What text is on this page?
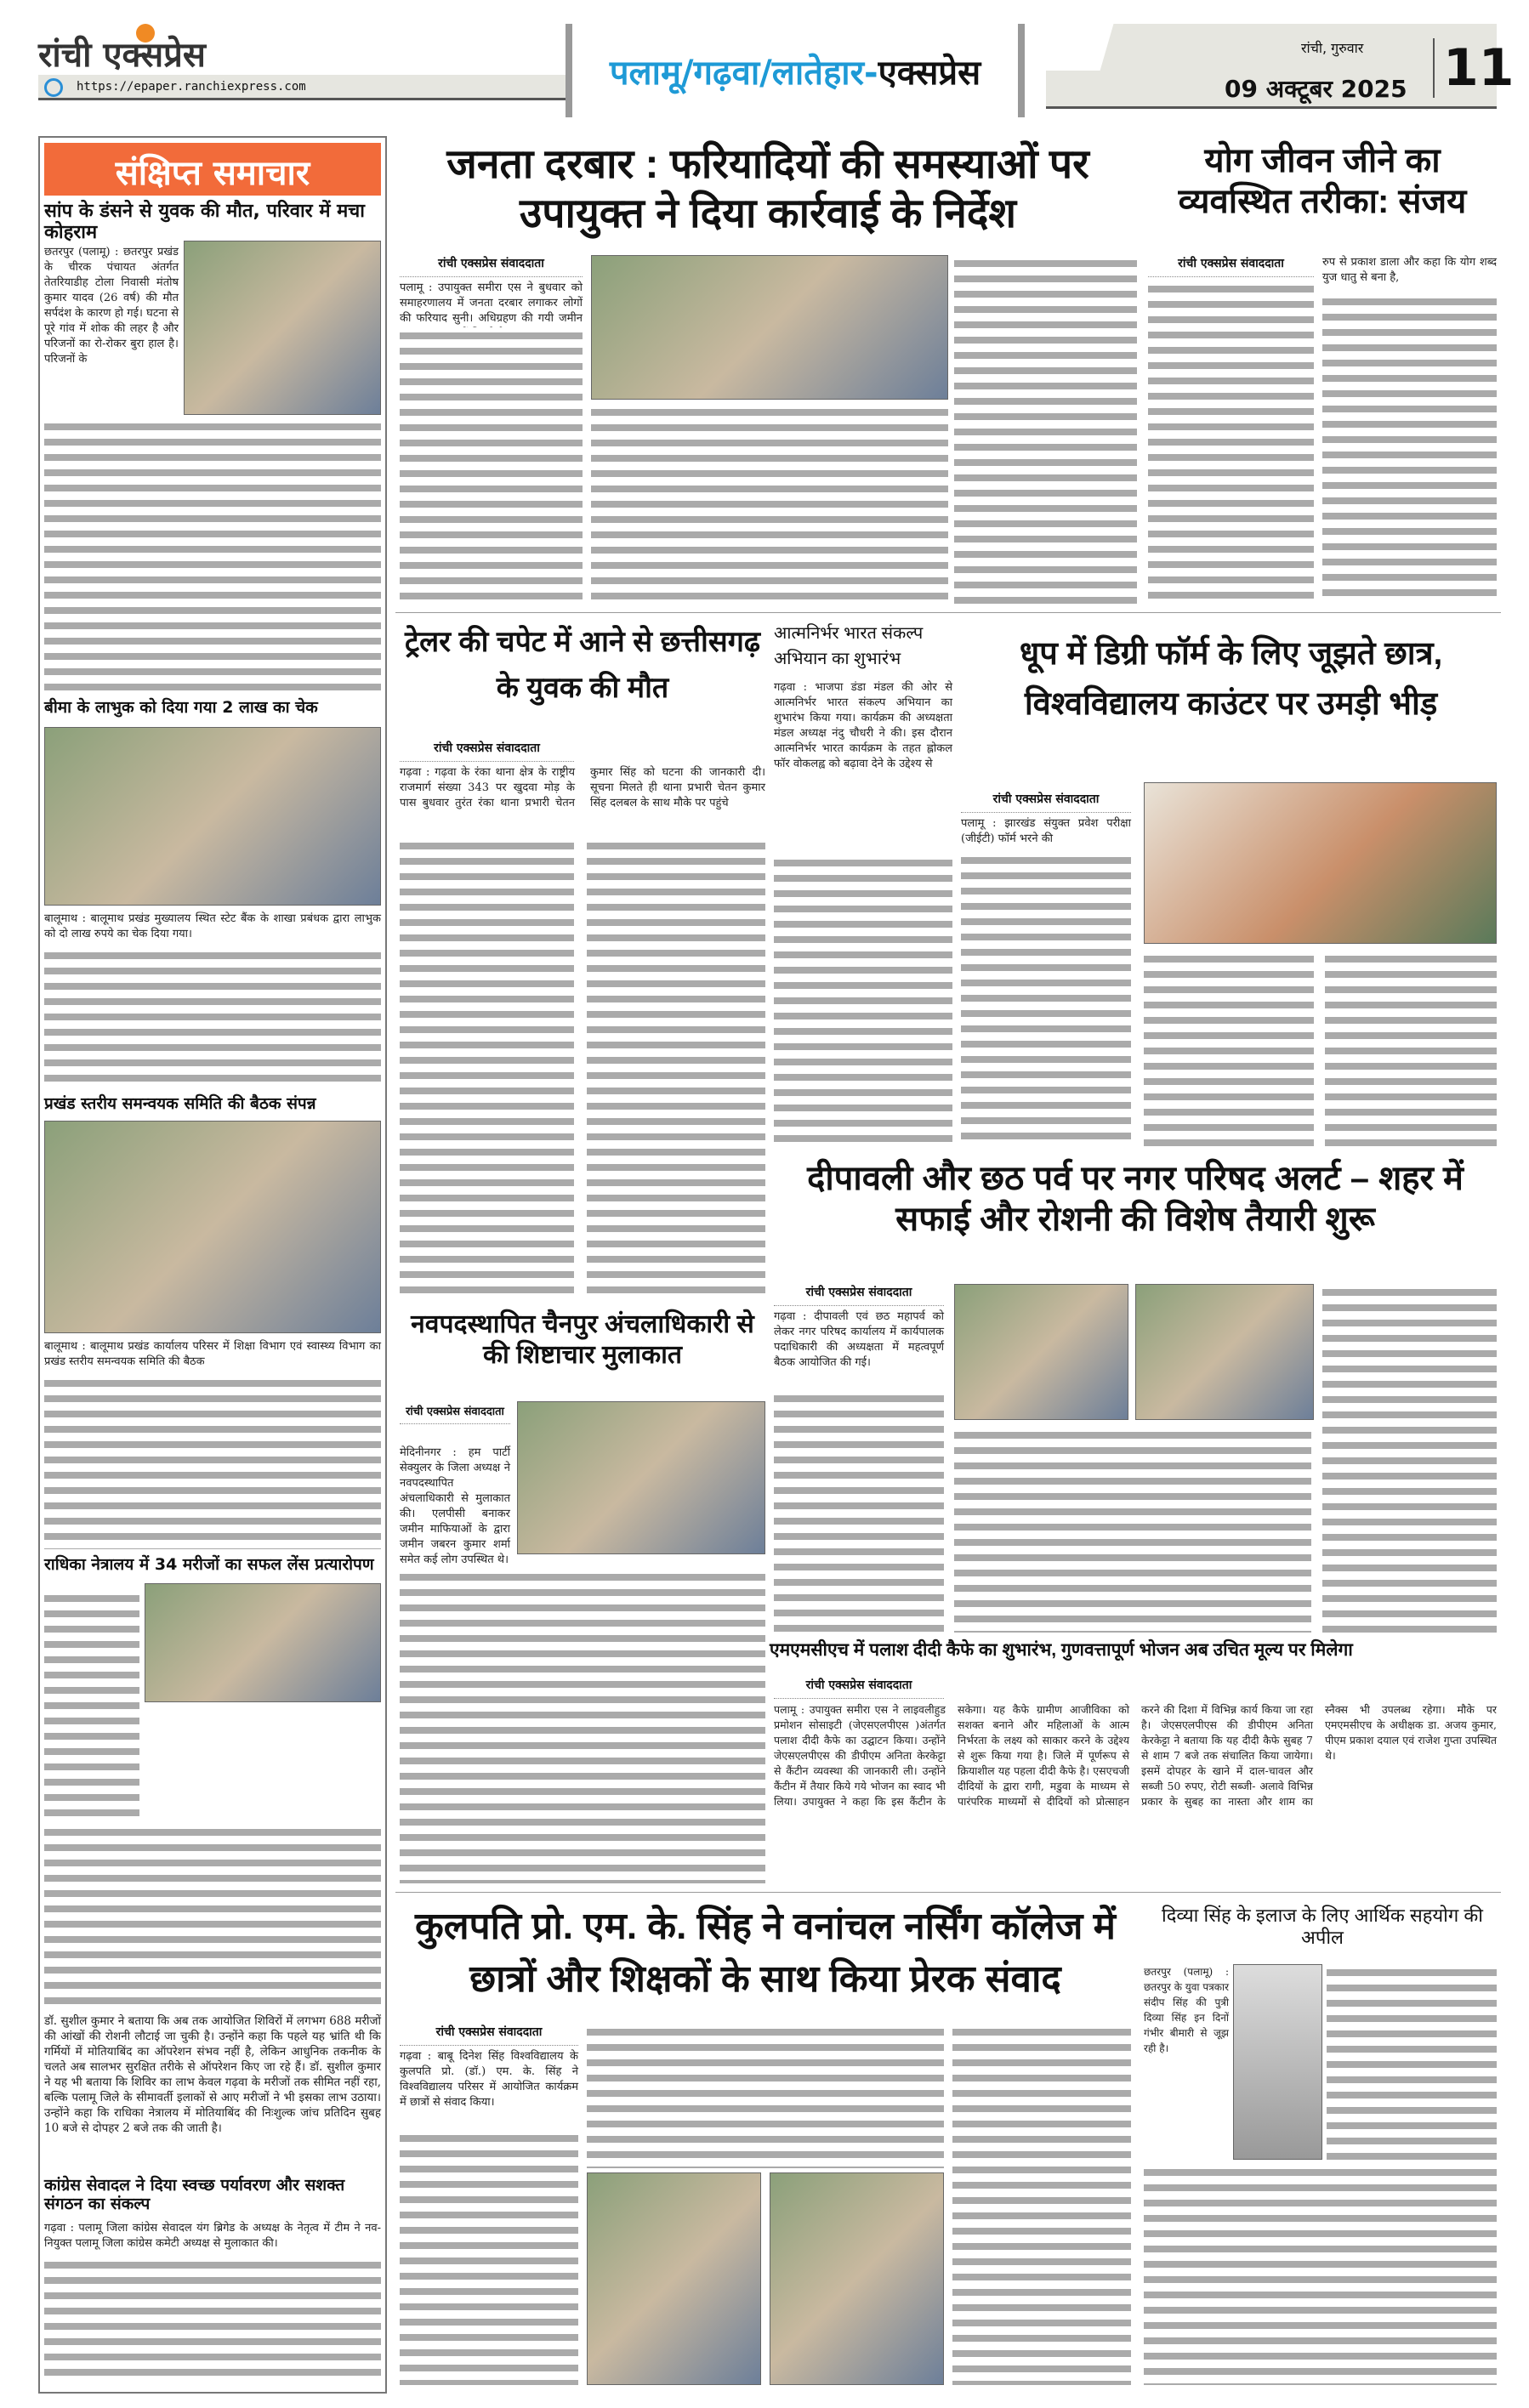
रांची एक्सप्रेस
https://epaper.ranchiexpress.com	पलामू/गढ़वा/लातेहार- एक्सप्रेस
रांची, गुरुवार
09 अक्टूबर 2025 11
संक्षिप्त समाचार
सांप के डंसने से युवक की मौत, परिवार में मचा कोहराम
छतरपुर (पलामू) : छतरपुर प्रखंड के चीरक पंचायत अंतर्गत तेतरियाडीह टोला निवासी मंतोष कुमार यादव (26 वर्ष) की मौत सर्पदंश के कारण हो गई। घटना से पूरे गांव में शोक की लहर है और परिजनों का रो-रोकर बुरा हाल है। परिजनों के
बीमा के लाभुक को दिया गया 2 लाख का चेक
बालूमाथ : बालूमाथ प्रखंड मुख्यालय स्थित स्टेट बैंक के शाखा प्रबंधक द्वारा लाभुक को दो लाख रुपये का चेक दिया गया।
प्रखंड स्तरीय समन्वयक समिति की बैठक संपन्न
बालूमाथ : बालूमाथ प्रखंड कार्यालय परिसर में शिक्षा विभाग एवं स्वास्थ्य विभाग का प्रखंड स्तरीय समन्वयक समिति की बैठक
राधिका नेत्रालय में 34 मरीजों का सफल लेंस प्रत्यारोपण
डॉ. सुशील कुमार ने बताया कि अब तक आयोजित शिविरों में लगभग 688 मरीजों की आंखों की रोशनी लौटाई जा चुकी है। उन्होंने कहा कि पहले यह भ्रांति थी कि गर्मियों में मोतियाबिंद का ऑपरेशन संभव नहीं है, लेकिन आधुनिक तकनीक के चलते अब सालभर सुरक्षित तरीके से ऑपरेशन किए जा रहे हैं। डॉ. सुशील कुमार ने यह भी बताया कि शिविर का लाभ केवल गढ़वा के मरीजों तक सीमित नहीं रहा, बल्कि पलामू जिले के सीमावर्ती इलाकों से आए मरीजों ने भी इसका लाभ उठाया। उन्होंने कहा कि राधिका नेत्रालय में मोतियाबिंद की निःशुल्क जांच प्रतिदिन सुबह 10 बजे से दोपहर 2 बजे तक की जाती है।
कांग्रेस सेवादल ने दिया स्वच्छ पर्यावरण और सशक्त संगठन का संकल्प
गढ़वा : पलामू जिला कांग्रेस सेवादल यंग ब्रिगेड के अध्यक्ष के नेतृत्व में टीम ने नव-नियुक्त पलामू जिला कांग्रेस कमेटी अध्यक्ष से मुलाकात की।
जनता दरबार : फरियादियों की समस्याओं पर उपायुक्त ने दिया कार्रवाई के निर्देश
रांची एक्सप्रेस संवाददाता
पलामू : उपायुक्त समीरा एस ने बुधवार को समाहरणालय में जनता दरबार लगाकर लोगों की फरियाद सुनी। अधिग्रहण की गयी जमीन
योग जीवन जीने का व्यवस्थित तरीका: संजय
रांची एक्सप्रेस संवाददाता	रुप से प्रकाश डाला और कहा कि योग शब्द युज धातु से बना है,
ट्रेलर की चपेट में आने से छत्तीसगढ़ के युवक की मौत
रांची एक्सप्रेस संवाददाता
गढ़वा : गढ़वा के रंका थाना क्षेत्र के राष्ट्रीय राजमार्ग संख्या 343 पर खुदवा मोड़ के पास बुधवार तुरंत रंका थाना प्रभारी चेतन कुमार सिंह को घटना की जानकारी दी। सूचना मिलते ही थाना प्रभारी चेतन कुमार सिंह दलबल के साथ मौके पर पहुंचे
आत्मनिर्भर भारत संकल्प अभियान का शुभारंभ
गढ़वा : भाजपा डंडा मंडल की ओर से आत्मनिर्भर भारत संकल्प अभियान का शुभारंभ किया गया। कार्यक्रम की अध्यक्षता मंडल अध्यक्ष नंदु चौधरी ने की। इस दौरान आत्मनिर्भर भारत कार्यक्रम के तहत ह्लोकल फॉर वोकलह्व को बढ़ावा देने के उद्देश्य से
धूप में डिग्री फॉर्म के लिए जूझते छात्र, विश्वविद्यालय काउंटर पर उमड़ी भीड़
रांची एक्सप्रेस संवाददाता
पलामू : झारखंड संयुक्त प्रवेश परीक्षा (जीईटी) फॉर्म भरने की
दीपावली और छठ पर्व पर नगर परिषद अलर्ट – शहर में सफाई और रोशनी की विशेष तैयारी शुरू
रांची एक्सप्रेस संवाददाता
गढ़वा : दीपावली एवं छठ महापर्व को लेकर नगर परिषद कार्यालय में कार्यपालक पदाधिकारी की अध्यक्षता में महत्वपूर्ण बैठक आयोजित की गई।
नवपदस्थापित चैनपुर अंचलाधिकारी से की शिष्टाचार मुलाकात
रांची एक्सप्रेस संवाददाता
मेदिनीनगर : हम पार्टी सेक्युलर के जिला अध्यक्ष ने नवपदस्थापित अंचलाधिकारी से मुलाकात की। एलपीसी बनाकर जमीन माफियाओं के द्वारा जमीन जबरन कुमार शर्मा समेत कई लोग उपस्थित थे।
एमएमसीएच में पलाश दीदी कैफे का शुभारंभ, गुणवत्तापूर्ण भोजन अब उचित मूल्य पर मिलेगा
रांची एक्सप्रेस संवाददाता
पलामू : उपायुक्त समीरा एस ने लाइवलीहुड प्रमोशन सोसाइटी (जेएसएलपीएस )अंतर्गत पलाश दीदी कैफे का उद्घाटन किया। उन्होंने जेएसएलपीएस की डीपीएम अनिता केरकेट्टा से कैंटीन व्यवस्था की जानकारी ली। उन्होंने कैंटीन में तैयार किये गये भोजन का स्वाद भी लिया। उपायुक्त ने कहा कि इस कैंटीन के सकेगा। यह कैफे ग्रामीण आजीविका को सशक्त बनाने और महिलाओं के आत्म निर्भरता के लक्ष्य को साकार करने के उद्देश्य से शुरू किया गया है। जिले में पूर्णरूप से क्रियाशील यह पहला दीदी कैफे है। एसएचजी दीदियों के द्वारा रागी, मडुवा के माध्यम से पारंपरिक माध्यमों से दीदियों को प्रोत्साहन करने की दिशा में विभिन्न कार्य किया जा रहा है। जेएसएलपीएस की डीपीएम अनिता केरकेट्टा ने बताया कि यह दीदी कैफे सुबह 7 से शाम 7 बजे तक संचालित किया जायेगा। इसमें दोपहर के खाने में दाल-चावल और सब्जी 50 रुपए, रोटी सब्जी- अलावे विभिन्न प्रकार के सुबह का नास्ता और शाम का स्नैक्स भी उपलब्ध रहेगा। मौके पर एमएमसीएच के अधीक्षक डा. अजय कुमार, पीएम प्रकाश दयाल एवं राजेश गुप्ता उपस्थित थे।
कुलपति प्रो. एम. के. सिंह ने वनांचल नर्सिंग कॉलेज में छात्रों और शिक्षकों के साथ किया प्रेरक संवाद
रांची एक्सप्रेस संवाददाता
गढ़वा : बाबू दिनेश सिंह विश्वविद्यालय के कुलपति प्रो. (डॉ.) एम. के. सिंह ने विश्वविद्यालय परिसर में आयोजित कार्यक्रम में छात्रों से संवाद किया।
दिव्या सिंह के इलाज के लिए आर्थिक सहयोग की अपील
छतरपुर (पलामू) : छतरपुर के युवा पत्रकार संदीप सिंह की पुत्री दिव्या सिंह इन दिनों गंभीर बीमारी से जूझ रही है।
